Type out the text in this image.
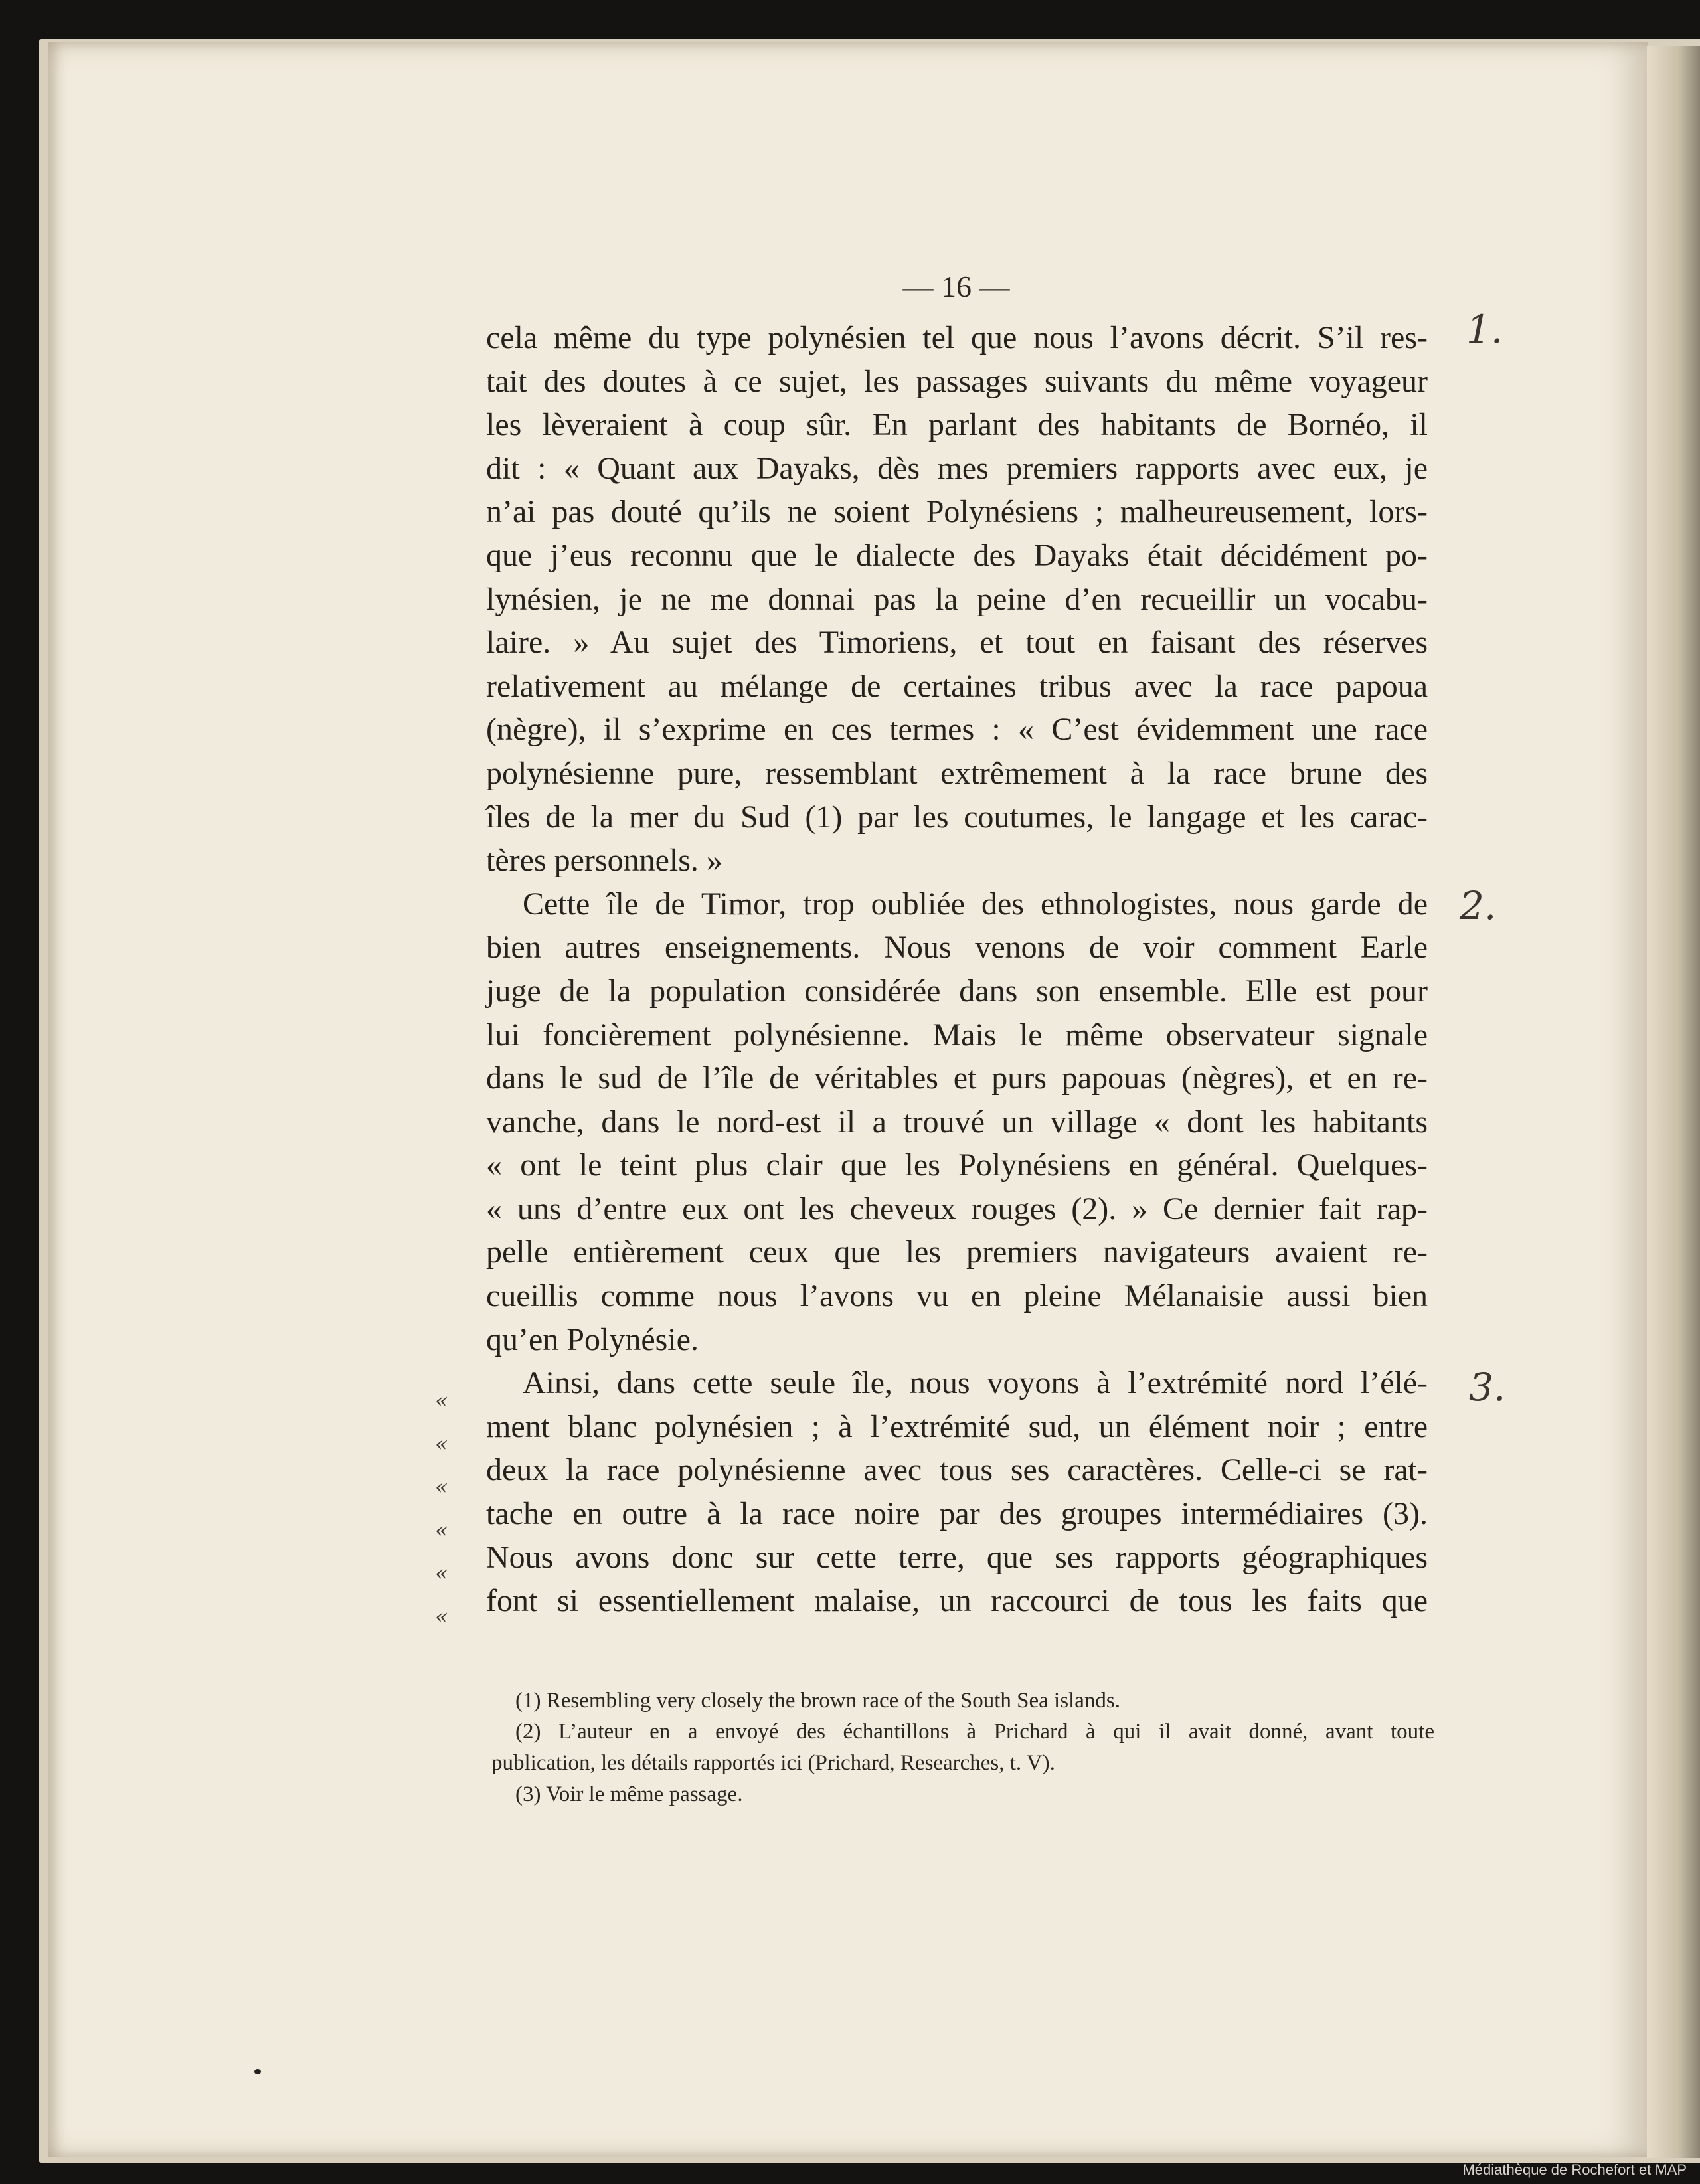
— 16 —
cela même du type polynésien tel que nous l’avons décrit. S’il res-
tait des doutes à ce sujet, les passages suivants du même voyageur
les lèveraient à coup sûr. En parlant des habitants de Bornéo, il
dit : « Quant aux Dayaks, dès mes premiers rapports avec eux, je
n’ai pas douté qu’ils ne soient Polynésiens ; malheureusement, lors-
que j’eus reconnu que le dialecte des Dayaks était décidément po-
lynésien, je ne me donnai pas la peine d’en recueillir un vocabu-
laire. » Au sujet des Timoriens, et tout en faisant des réserves
relativement au mélange de certaines tribus avec la race papoua
(nègre), il s’exprime en ces termes : « C’est évidemment une race
polynésienne pure, ressemblant extrêmement à la race brune des
îles de la mer du Sud (1) par les coutumes, le langage et les carac-
tères personnels. »
Cette île de Timor, trop oubliée des ethnologistes, nous garde de
bien autres enseignements. Nous venons de voir comment Earle
juge de la population considérée dans son ensemble. Elle est pour
lui foncièrement polynésienne. Mais le même observateur signale
dans le sud de l’île de véritables et purs papouas (nègres), et en re-
vanche, dans le nord-est il a trouvé un village « dont les habitants
« ont le teint plus clair que les Polynésiens en général. Quelques-
« uns d’entre eux ont les cheveux rouges (2). » Ce dernier fait rap-
pelle entièrement ceux que les premiers navigateurs avaient re-
cueillis comme nous l’avons vu en pleine Mélanaisie aussi bien
qu’en Polynésie.
Ainsi, dans cette seule île, nous voyons à l’extrémité nord l’élé-
ment blanc polynésien ; à l’extrémité sud, un élément noir ; entre
deux la race polynésienne avec tous ses caractères. Celle-ci se rat-
tache en outre à la race noire par des groupes intermédiaires (3).
Nous avons donc sur cette terre, que ses rapports géographiques
font si essentiellement malaise, un raccourci de tous les faits que
(1) Resembling very closely the brown race of the South Sea islands.
(2) L’auteur en a envoyé des échantillons à Prichard à qui il avait donné, avant toute
publication, les détails rapportés ici (Prichard, Researches, t. V).
(3) Voir le même passage.
1.
2.
3.
«
«
«
«
«
«
Médiathèque de Rochefort et MAP
